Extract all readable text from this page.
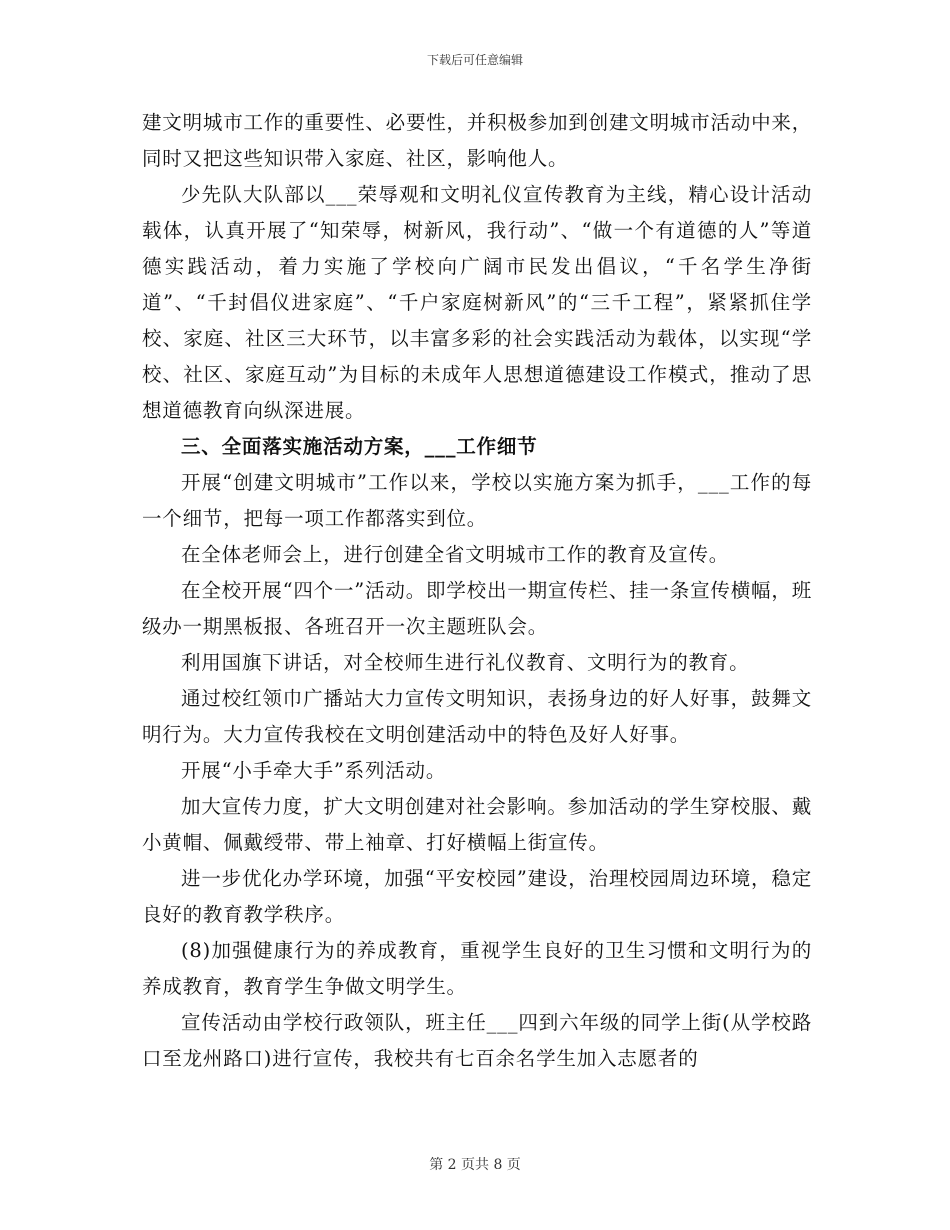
下载后可任意编辑

建文明城市工作的重要性、必要性，并积极参加到创建文明城市活动中来，同时又把这些知识带入家庭、社区，影响他人。

少先队大队部以___荣辱观和文明礼仪宣传教育为主线，精心设计活动载体，认真开展了“知荣辱，树新风，我行动”、“做一个有道德的人”等道德实践活动，着力实施了学校向广阔市民发出倡议，“千名学生净街道”、“千封倡仪进家庭”、“千户家庭树新风”的“三千工程”，紧紧抓住学校、家庭、社区三大环节，以丰富多彩的社会实践活动为载体，以实现“学校、社区、家庭互动”为目标的未成年人思想道德建设工作模式，推动了思想道德教育向纵深进展。

三、全面落实施活动方案，___工作细节

开展“创建文明城市”工作以来，学校以实施方案为抓手，___工作的每一个细节，把每一项工作都落实到位。

在全体老师会上，进行创建全省文明城市工作的教育及宣传。

在全校开展“四个一”活动。即学校出一期宣传栏、挂一条宣传横幅，班级办一期黑板报、各班召开一次主题班队会。

利用国旗下讲话，对全校师生进行礼仪教育、文明行为的教育。

通过校红领巾广播站大力宣传文明知识，表扬身边的好人好事，鼓舞文明行为。大力宣传我校在文明创建活动中的特色及好人好事。

开展“小手牵大手”系列活动。

加大宣传力度，扩大文明创建对社会影响。参加活动的学生穿校服、戴小黄帽、佩戴绶带、带上袖章、打好横幅上街宣传。

进一步优化办学环境，加强“平安校园”建设，治理校园周边环境，稳定良好的教育教学秩序。

(8)加强健康行为的养成教育，重视学生良好的卫生习惯和文明行为的养成教育，教育学生争做文明学生。

宣传活动由学校行政领队，班主任___四到六年级的同学上街(从学校路口至龙州路口)进行宣传，我校共有七百余名学生加入志愿者的

第 2 页共 8 页
